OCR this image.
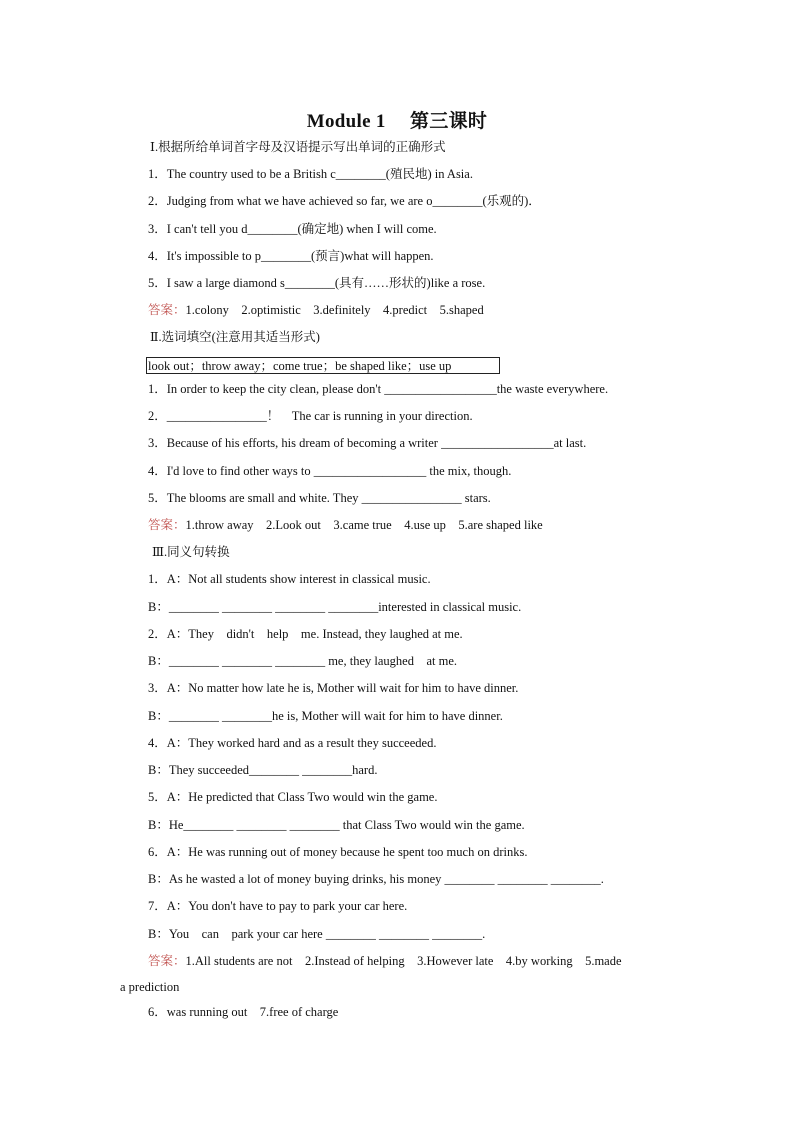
Module 1　 第三课时
Ⅰ.根据所给单词首字母及汉语提示写出单词的正确形式
1．The country used to be a British c________(殖民地) in Asia.
2．Judging from what we have achieved so far, we are o________(乐观的)．
3．I can't tell you d________(确定地) when I will come.
4．It's impossible to p________(预言)what will happen.
5．I saw a large diamond s________(具有……形状的)like a rose.
答案：1.colony　2.optimistic　3.definitely　4.predict　5.shaped
Ⅱ.选词填空(注意用其适当形式)
look out；throw away；come true；be shaped like；use up
1．In order to keep the city clean, please don't __________________the waste everywhere.
2．________________！　The car is running in your direction.
3．Because of his efforts, his dream of becoming a writer __________________at last.
4．I'd love to find other ways to __________________ the mix, though.
5．The blooms are small and white. They ________________ stars.
答案：1.throw away　2.Look out　3.came true　4.use up　5.are shaped like
Ⅲ.同义句转换
1．A：Not all students show interest in classical music.
B：________ ________ ________ ________interested in classical music.
2．A：They　didn't　help　me. Instead, they laughed at me.
B：________ ________ ________ me, they laughed　at me.
3．A：No matter how late he is, Mother will wait for him to have dinner.
B：________ ________he is, Mother will wait for him to have dinner.
4．A：They worked hard and as a result they succeeded.
B：They succeeded________ ________hard.
5．A：He predicted that Class Two would win the game.
B：He________ ________ ________ that Class Two would win the game.
6．A：He was running out of money because he spent too much on drinks.
B：As he wasted a lot of money buying drinks, his money ________ ________ ________.
7．A：You don't have to pay to park your car here.
B：You　can　park your car here ________ ________ ________.
答案：1.All students are not　2.Instead of helping　3.However late　4.by working　5.made
a prediction
6．was running out　7.free of charge
